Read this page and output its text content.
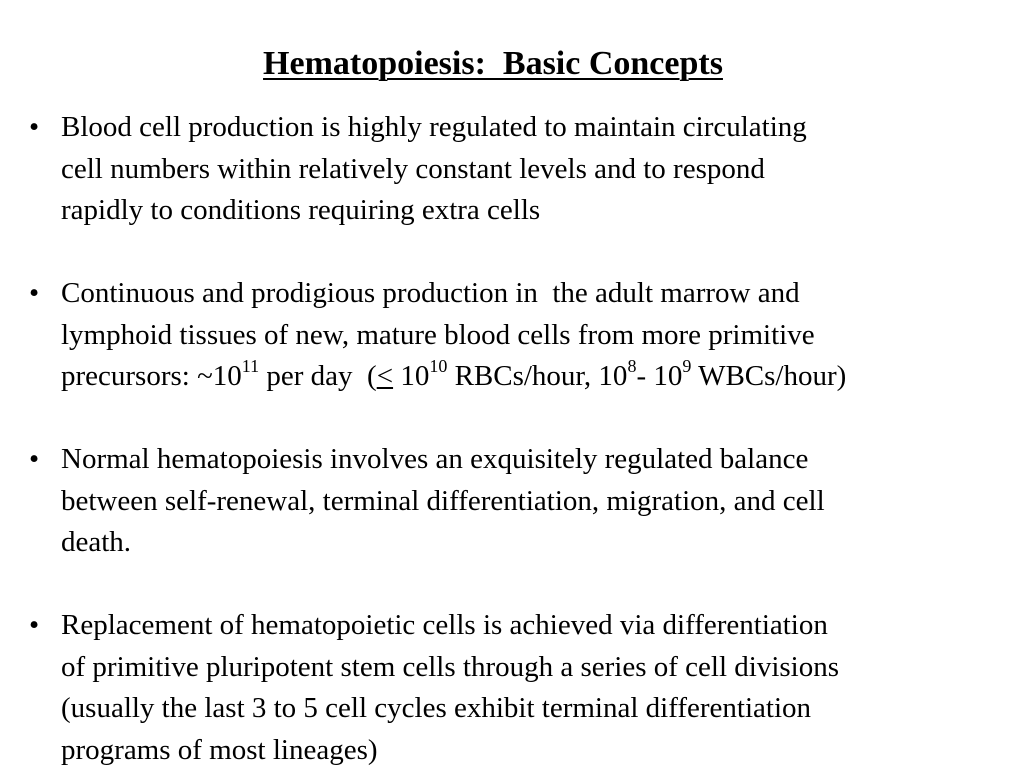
Hematopoiesis:  Basic Concepts
• Blood cell production is highly regulated to maintain circulating
cell numbers within relatively constant levels and to respond
rapidly to conditions requiring extra cells
• Continuous and prodigious production in  the adult marrow and
lymphoid tissues of new, mature blood cells from more primitive
precursors: $\sim 10^{11}$ per day  (< $10^{10}$ RBCs/hour, $10^8-$ $10^9$ WBCs/hour)
• Normal hematopoiesis involves an exquisitely regulated balance
between self-renewal, terminal differentiation, migration, and cell
death.
• Replacement of hematopoietic cells is achieved via differentiation
of primitive pluripotent stem cells through a series of cell divisions
(usually the last 3 to 5 cell cycles exhibit terminal differentiation
programs of most lineages)
